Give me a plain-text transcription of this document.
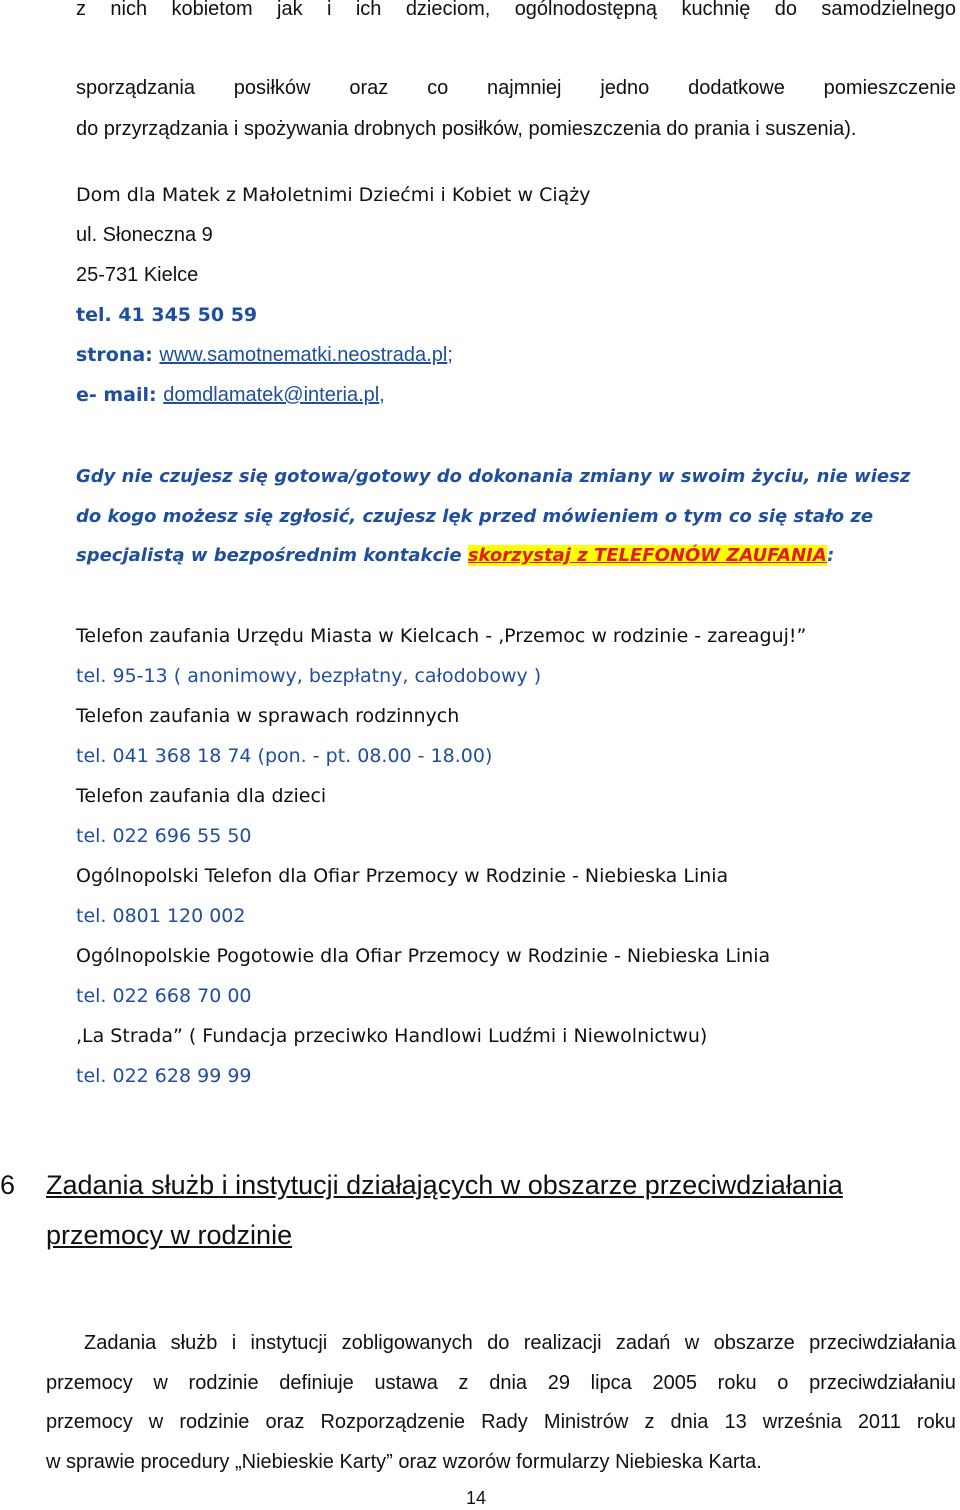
z nich kobietom jak i ich dzieciom, ogólnodostępną kuchnię do samodzielnego
sporządzania posiłków oraz co najmniej jedno dodatkowe pomieszczenie
do przyrządzania i spożywania drobnych posiłków, pomieszczenia do prania i suszenia).
Dom dla Matek z Małoletnimi Dziećmi i Kobiet w Ciąży
ul. Słoneczna 9
25-731 Kielce
tel. 41 345 50 59
strona: www.samotnematki.neostrada.pl;
e- mail: domdlamatek@interia.pl,
Gdy nie czujesz się gotowa/gotowy do dokonania zmiany w swoim życiu, nie wiesz
do kogo możesz się zgłosić, czujesz lęk przed mówieniem o tym co się stało ze
specjalistą w bezpośrednim kontakcie skorzystaj z TELEFONÓW ZAUFANIA:
Telefon zaufania Urzędu Miasta w Kielcach - ‚Przemoc w rodzinie - zareaguj!”
tel. 95-13 ( anonimowy, bezpłatny, całodobowy )
Telefon zaufania w sprawach rodzinnych
tel. 041 368 18 74 (pon. - pt. 08.00 - 18.00)
Telefon zaufania dla dzieci
tel. 022 696 55 50
Ogólnopolski Telefon dla Ofiar Przemocy w Rodzinie - Niebieska Linia
tel. 0801 120 002
Ogólnopolskie Pogotowie dla Ofiar Przemocy w Rodzinie - Niebieska Linia
tel. 022 668 70 00
‚La Strada” ( Fundacja przeciwko Handlowi Ludźmi i Niewolnictwu)
tel. 022 628 99 99
6 Zadania służb i instytucji działających w obszarze przeciwdziałania
przemocy w rodzinie
Zadania służb i instytucji zobligowanych do realizacji zadań w obszarze przeciwdziałania
przemocy w rodzinie definiuje ustawa z dnia 29 lipca 2005 roku o przeciwdziałaniu
przemocy w rodzinie oraz Rozporządzenie Rady Ministrów z dnia 13 września 2011 roku
w sprawie procedury „Niebieskie Karty” oraz wzorów formularzy Niebieska Karta.
14
